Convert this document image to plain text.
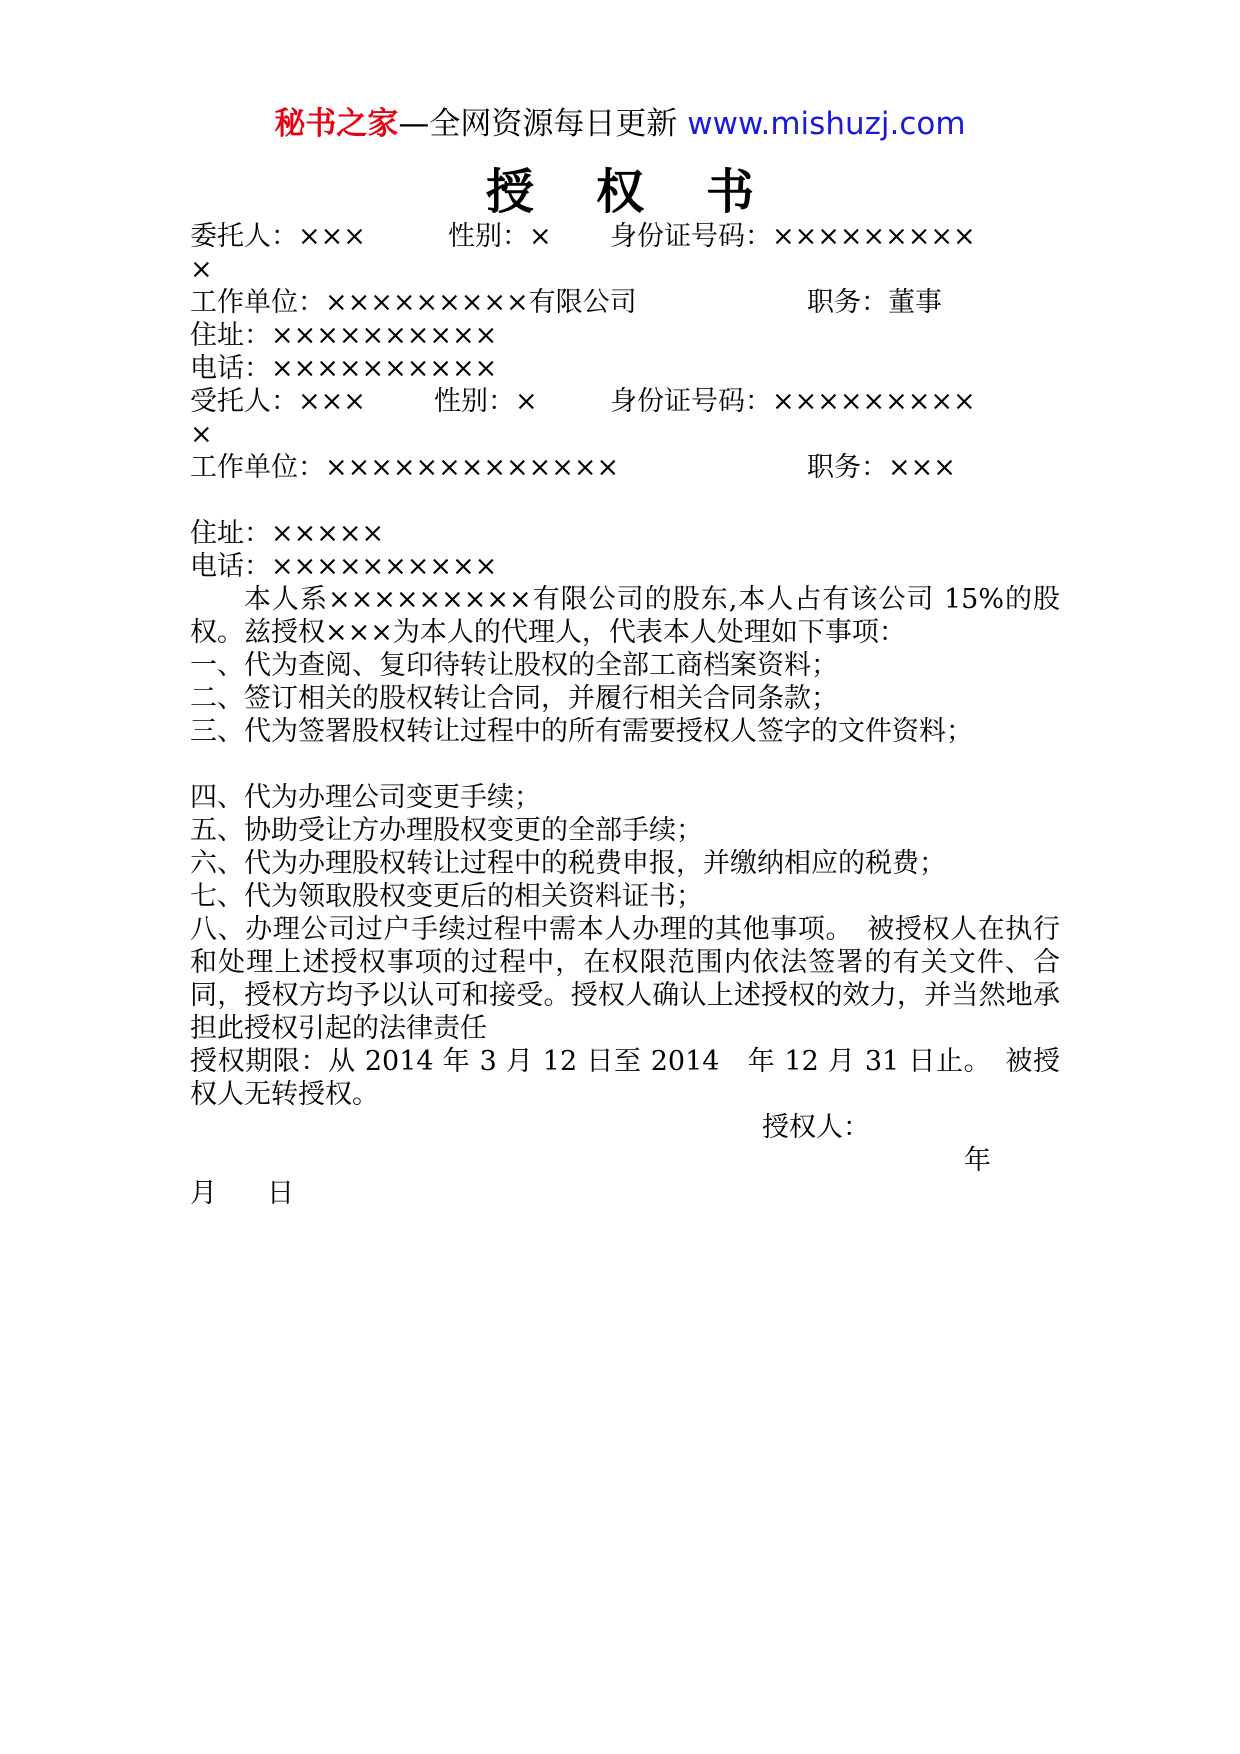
秘书之家—全网资源每日更新 www.mishuzj.com
授权书
委托人：×××	性别：×	身份证号码：×××××××××
×
工作单位：×××××××××有限公司	职务：董事
住址：××××××××××
电话：××××××××××
受托人：×××	性别：×	身份证号码：×××××××××
×
工作单位：×××××××××××××	职务：×××
住址：×××××
电话：××××××××××
本人系×××××××××有限公司的股东,本人占有该公司 15%的股权。兹授权×××为本人的代理人，代表本人处理如下事项：
一、代为查阅、复印待转让股权的全部工商档案资料；
二、签订相关的股权转让合同，并履行相关合同条款；
三、代为签署股权转让过程中的所有需要授权人签字的文件资料；
四、代为办理公司变更手续；
五、协助受让方办理股权变更的全部手续；
六、代为办理股权转让过程中的税费申报，并缴纳相应的税费；
七、代为领取股权变更后的相关资料证书；
八、办理公司过户手续过程中需本人办理的其他事项。　被授权人在执行和处理上述授权事项的过程中，在权限范围内依法签署的有关文件、合同，授权方均予以认可和接受。授权人确认上述授权的效力，并当然地承担此授权引起的法律责任
授权期限：从 2014 年 3 月 12 日至 2014　年 12 月 31 日止。　被授权人无转授权。
授权人：
年
月 日
